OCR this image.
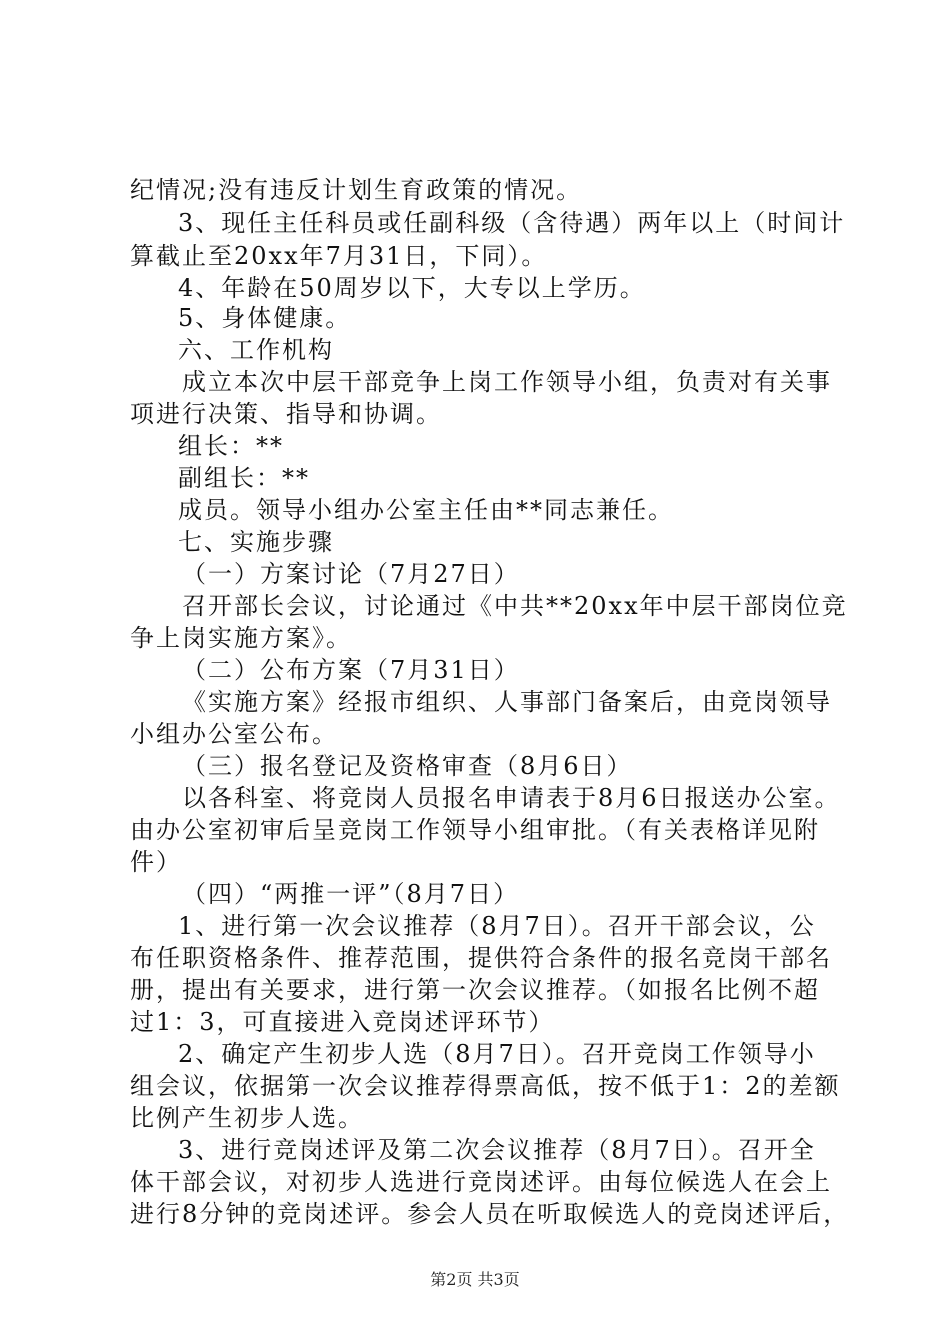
纪情况;没有违反计划生育政策的情况。
3、现任主任科员或任副科级（含待遇）两年以上（时间计
算截止至20xx年7月31日，下同）。
4、年龄在50周岁以下，大专以上学历。
5、身体健康。
六、工作机构
成立本次中层干部竞争上岗工作领导小组，负责对有关事
项进行决策、指导和协调。
组长：**
副组长：**
成员。领导小组办公室主任由**同志兼任。
七、实施步骤
（一）方案讨论（7月27日）
召开部长会议，讨论通过《中共**20xx年中层干部岗位竞
争上岗实施方案》。
（二）公布方案（7月31日）
《实施方案》经报市组织、人事部门备案后，由竞岗领导
小组办公室公布。
（三）报名登记及资格审查（8月6日）
以各科室、将竞岗人员报名申请表于8月6日报送办公室。
由办公室初审后呈竞岗工作领导小组审批。（有关表格详见附
件）
（四）“两推一评”（8月7日）
1、进行第一次会议推荐（8月7日）。召开干部会议，公
布任职资格条件、推荐范围，提供符合条件的报名竞岗干部名
册，提出有关要求，进行第一次会议推荐。（如报名比例不超
过1：3，可直接进入竞岗述评环节）
2、确定产生初步人选（8月7日）。召开竞岗工作领导小
组会议，依据第一次会议推荐得票高低，按不低于1：2的差额
比例产生初步人选。
3、进行竞岗述评及第二次会议推荐（8月7日）。召开全
体干部会议，对初步人选进行竞岗述评。由每位候选人在会上
进行8分钟的竞岗述评。参会人员在听取候选人的竞岗述评后，
第2页 共3页
